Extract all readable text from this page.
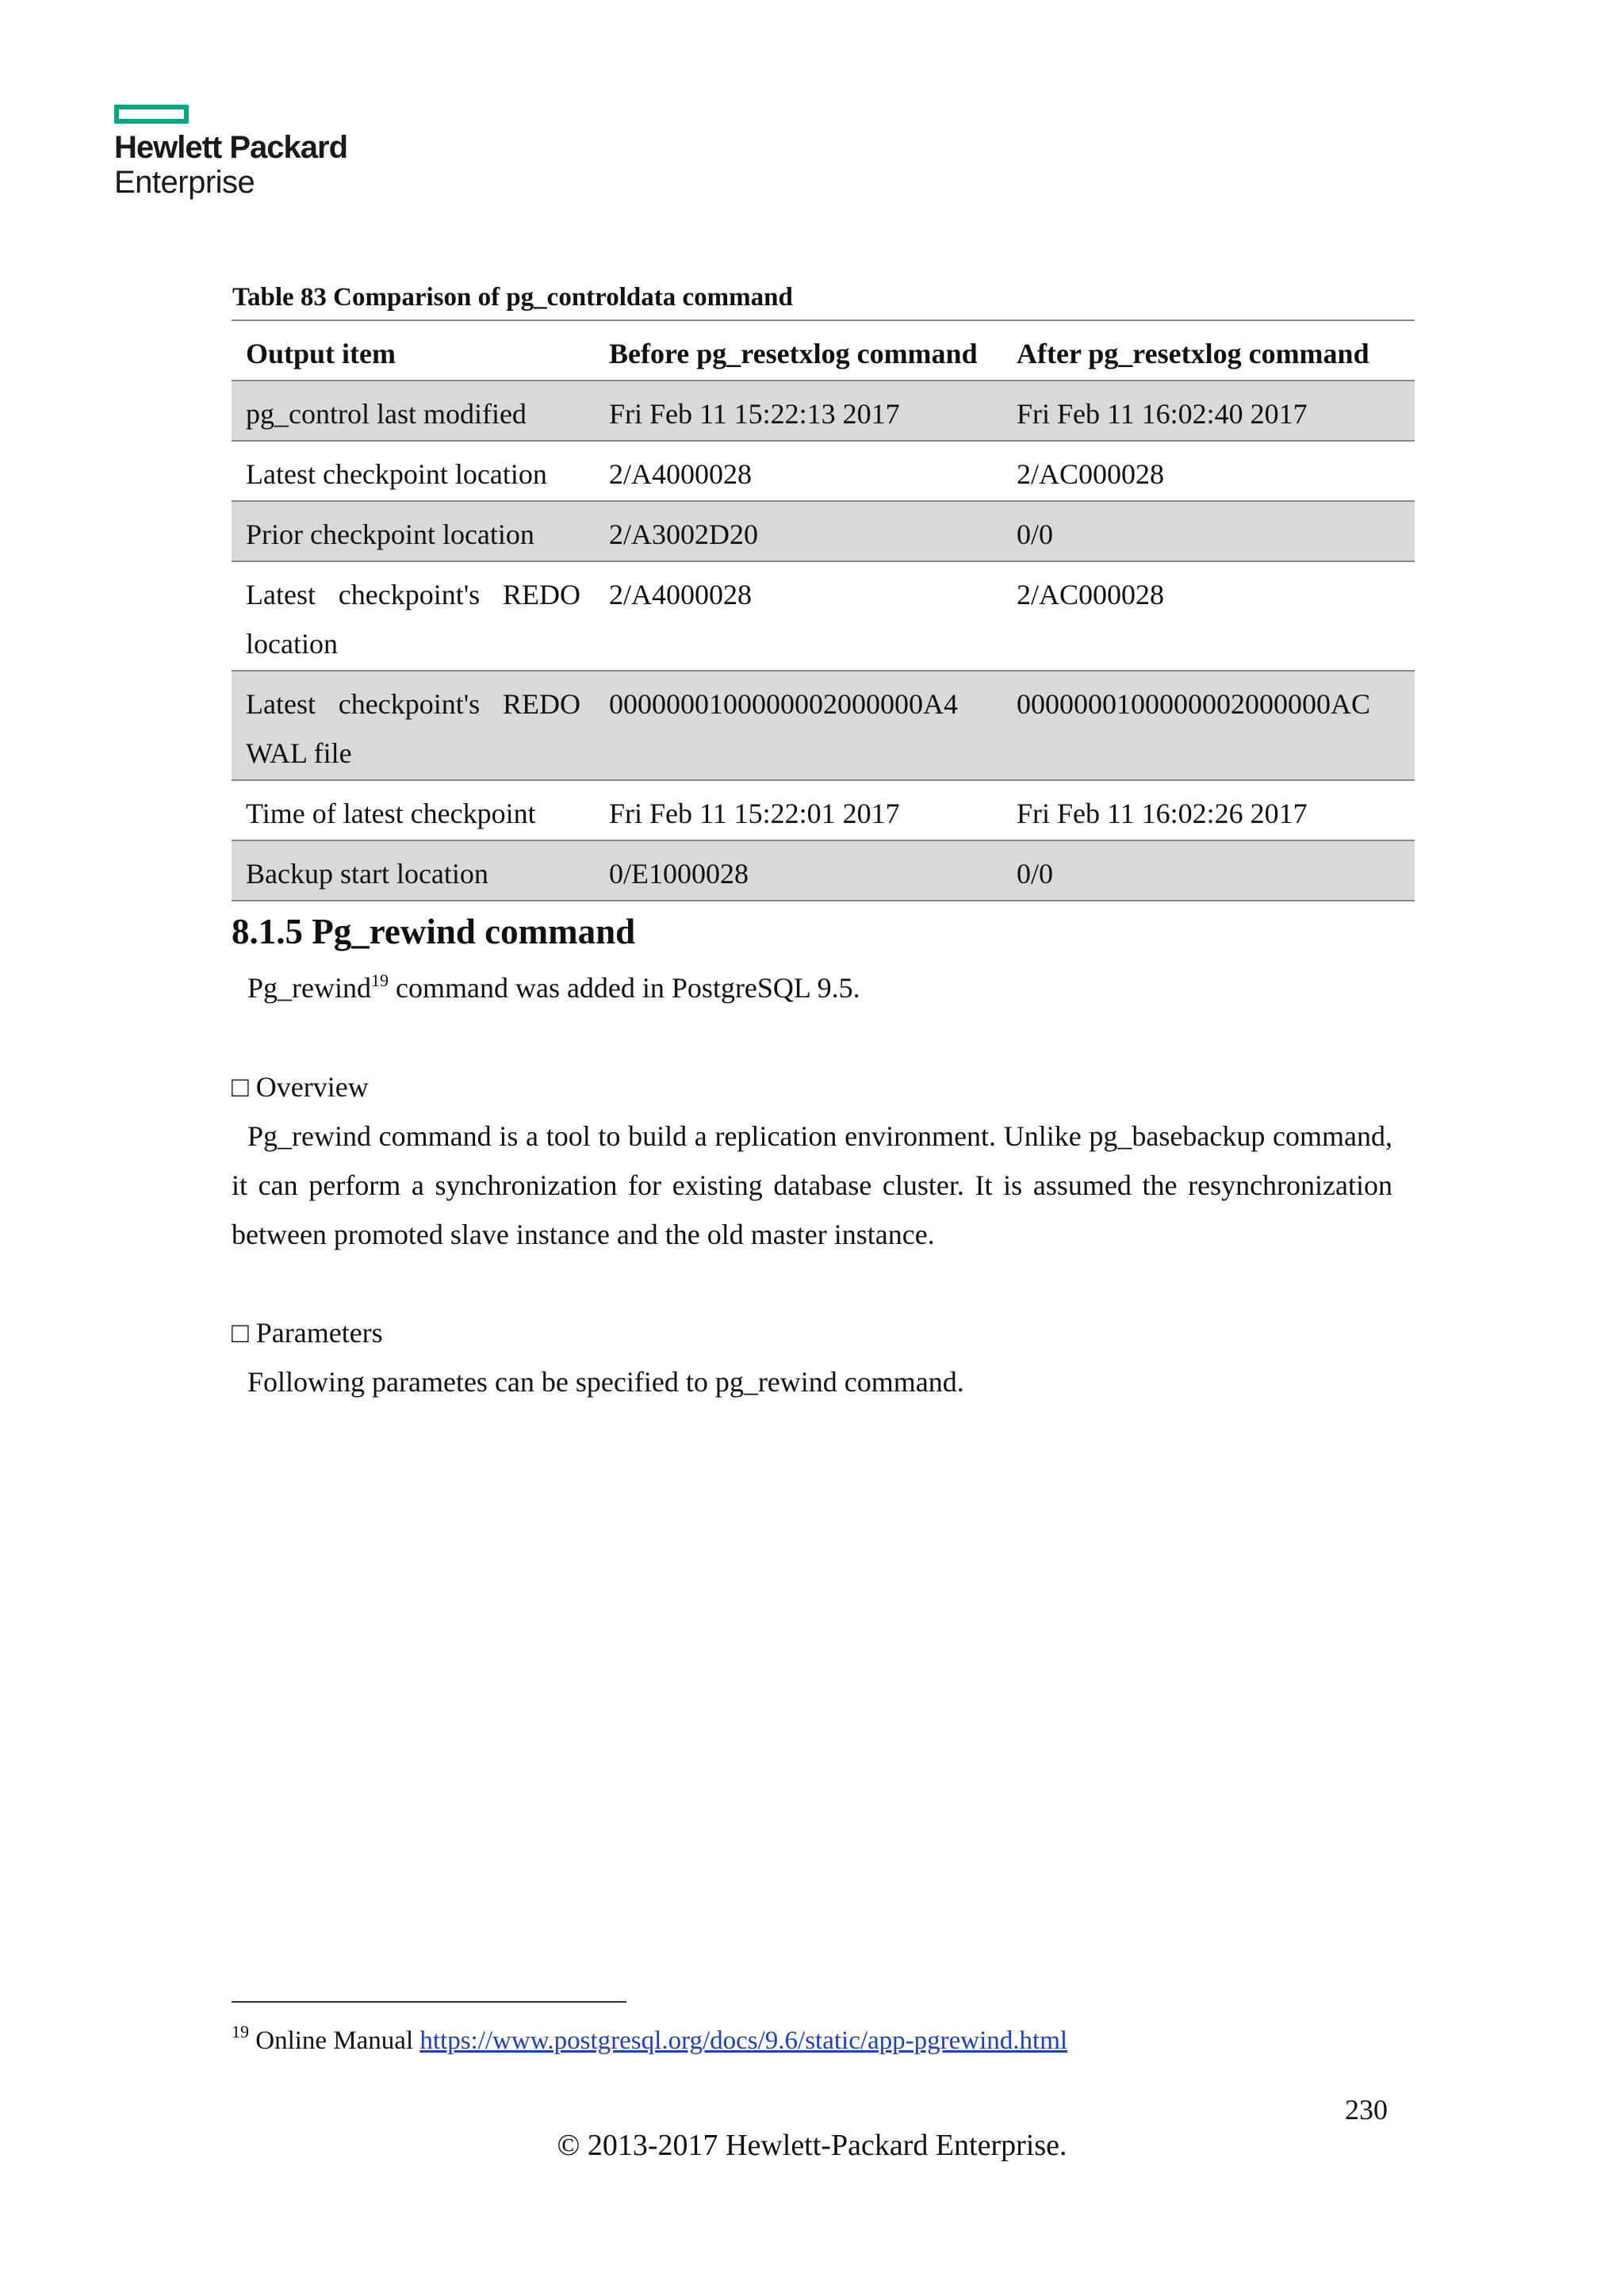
Hewlett Packard
Enterprise
Table 83 Comparison of pg_controldata command
Output item	Before pg_resetxlog command	After pg_resetxlog command
pg_control last modified	Fri Feb 11 15:22:13 2017	Fri Feb 11 16:02:40 2017
Latest checkpoint location	2/A4000028	2/AC000028
Prior checkpoint location	2/A3002D20	0/0
Latest checkpoint's REDO location	2/A4000028	2/AC000028
Latest checkpoint's REDO WAL file	0000000100000002000000A4	0000000100000002000000AC
Time of latest checkpoint	Fri Feb 11 15:22:01 2017	Fri Feb 11 16:02:26 2017
Backup start location	0/E1000028	0/0
8.1.5 Pg_rewind command
Pg_rewind$^{19}$ command was added in PostgreSQL 9.5.
□ Overview
Pg_rewind command is a tool to build a replication environment. Unlike pg_basebackup command, it can perform a synchronization for existing database cluster. It is assumed the resynchronization between promoted slave instance and the old master instance.
□ Parameters
Following parametes can be specified to pg_rewind command.
$^{19}$ Online Manual https://www.postgresql.org/docs/9.6/static/app-pgrewind.html
230
© 2013-2017 Hewlett-Packard Enterprise.
